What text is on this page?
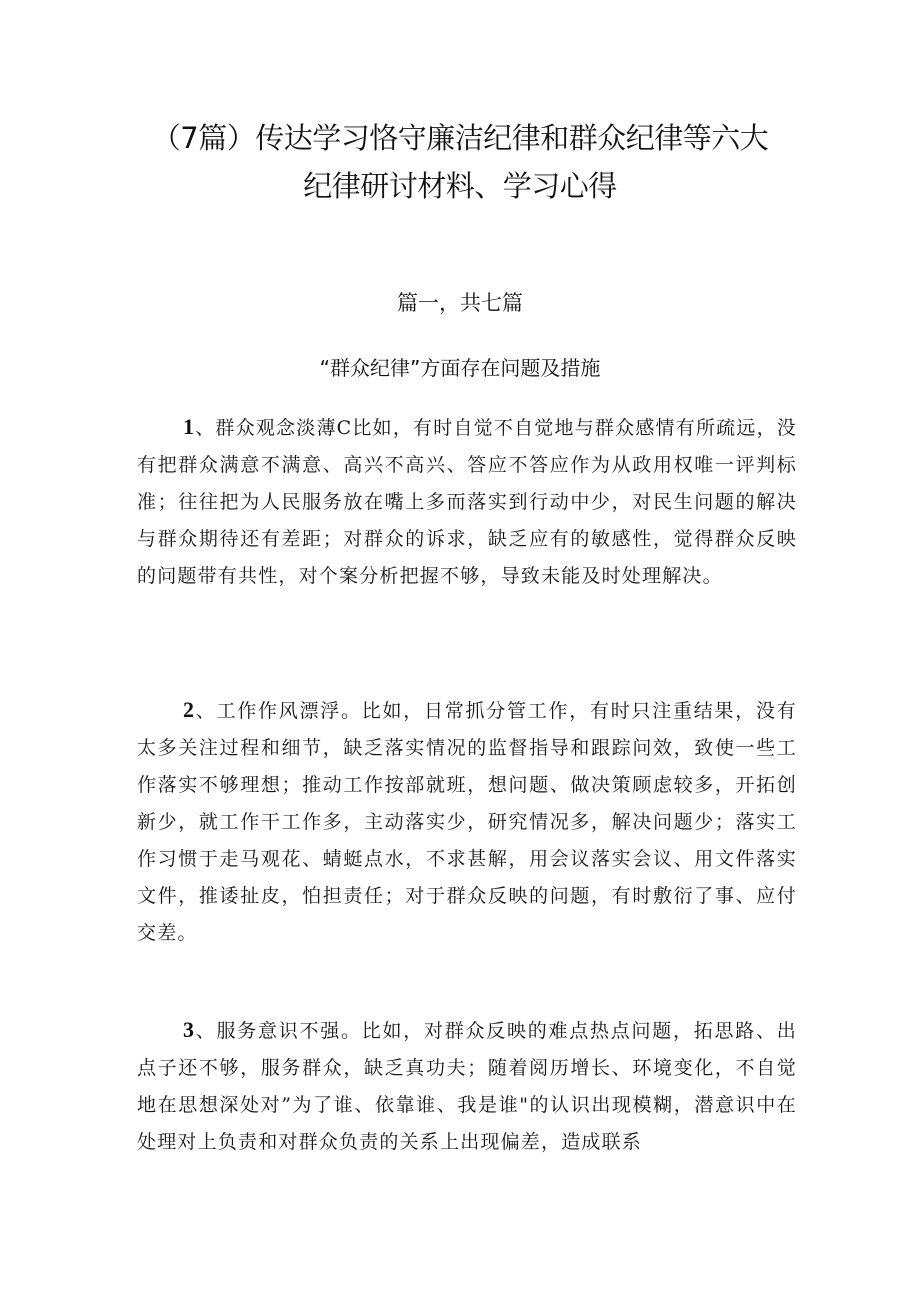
（7篇）传达学习恪守廉洁纪律和群众纪律等六大
纪律研讨材料、学习心得
篇一，共七篇
“群众纪律”方面存在问题及措施
1、群众观念淡薄C比如，有时自觉不自觉地与群众感情有所疏远，没有把群众满意不满意、高兴不高兴、答应不答应作为从政用权唯一评判标准；往往把为人民服务放在嘴上多而落实到行动中少，对民生问题的解决与群众期待还有差距；对群众的诉求，缺乏应有的敏感性，觉得群众反映的问题带有共性，对个案分析把握不够，导致未能及时处理解决。
2、工作作风漂浮。比如，日常抓分管工作，有时只注重结果，没有太多关注过程和细节，缺乏落实情况的监督指导和跟踪问效，致使一些工作落实不够理想；推动工作按部就班，想问题、做决策顾虑较多，开拓创新少，就工作干工作多，主动落实少，研究情况多，解决问题少；落实工作习惯于走马观花、蜻蜓点水，不求甚解，用会议落实会议、用文件落实文件，推诿扯皮，怕担责任；对于群众反映的问题，有时敷衍了事、应付交差。
3、服务意识不强。比如，对群众反映的难点热点问题，拓思路、出点子还不够，服务群众，缺乏真功夫；随着阅历增长、环境变化，不自觉地在思想深处对”为了谁、依靠谁、我是谁"的认识出现模糊，潜意识中在处理对上负责和对群众负责的关系上出现偏差，造成联系
